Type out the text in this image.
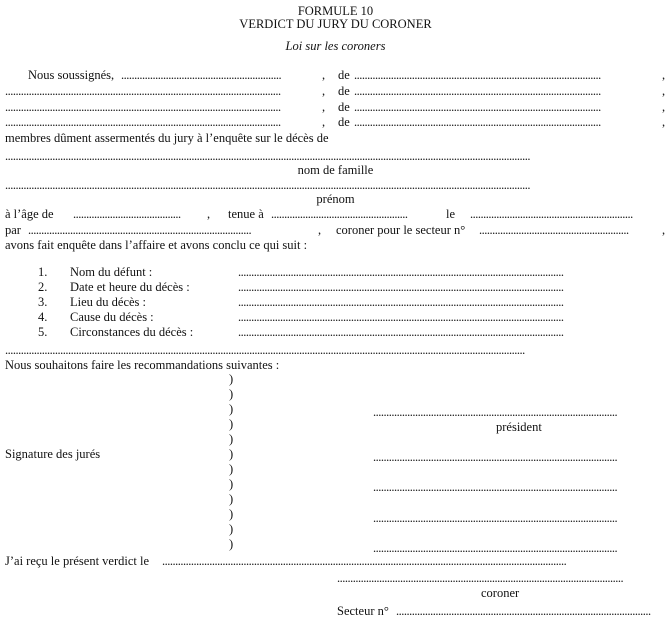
FORMULE 10
VERDICT DU JURY DU CORONER
Loi sur les coroners
Nous soussignés, .............................................................	, de ..............................................................................................	,
.........................................................................................................	, de ..............................................................................................	,
.........................................................................................................	, de ..............................................................................................	,
.........................................................................................................	, de ..............................................................................................	,
membres dûment assermentés du jury à l’enquête sur le décès de
........................................................................................................................................................................................................
nom de famille
........................................................................................................................................................................................................
prénom
à l’âge de ......................................... , tenue à ....................................................	le ..............................................................
par .....................................................................................	, coroner pour le secteur n° .........................................................	,
avons fait enquête dans l’affaire et avons conclu ce qui suit :
1. Nom du défunt :	............................................................................................................................
2. Date et heure du décès :	............................................................................................................................
3. Lieu du décès :	............................................................................................................................
4. Cause du décès :	............................................................................................................................
5. Circonstances du décès :	............................................................................................................................
......................................................................................................................................................................................................
Nous souhaitons faire les recommandations suivantes :
)
)
)
)
)
)
)
)
)
)
)
)
.............................................................................................
président
Signature des jurés	.............................................................................................
.............................................................................................
.............................................................................................
.............................................................................................
J’ai reçu le présent verdict le ..........................................................................................................................................................
.............................................................................................................
coroner
Secteur n° .................................................................................................
